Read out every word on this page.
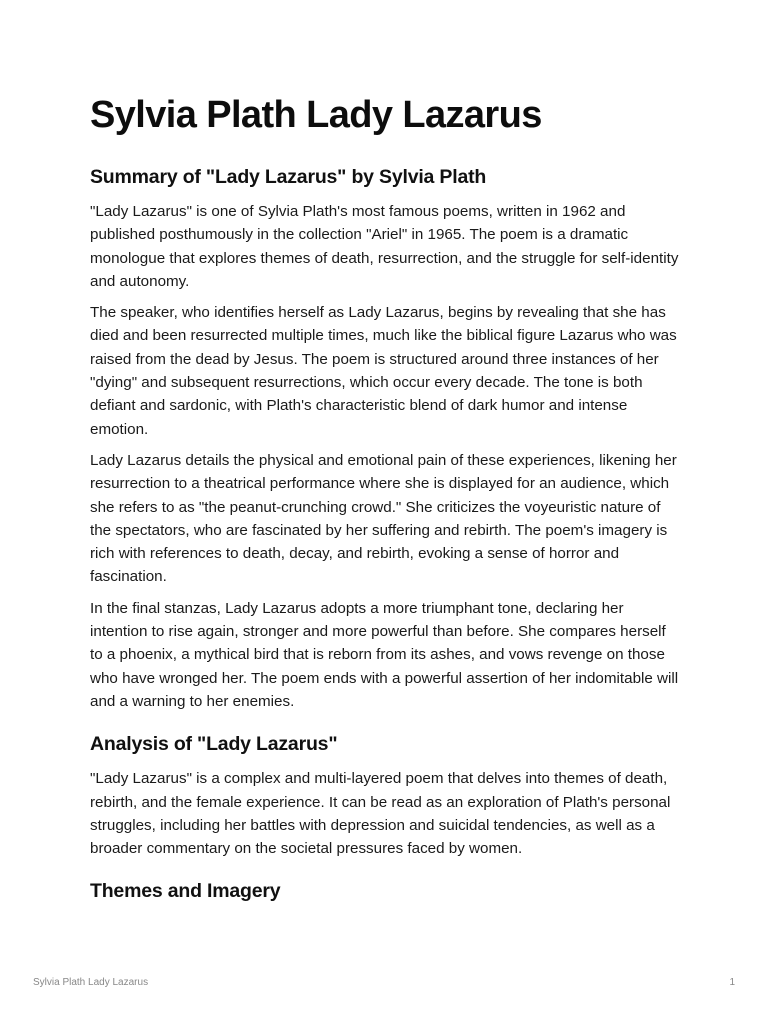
Sylvia Plath Lady Lazarus
Summary of "Lady Lazarus" by Sylvia Plath

"Lady Lazarus" is one of Sylvia Plath's most famous poems, written in 1962 and published posthumously in the collection "Ariel" in 1965. The poem is a dramatic monologue that explores themes of death, resurrection, and the struggle for self-identity and autonomy.

The speaker, who identifies herself as Lady Lazarus, begins by revealing that she has died and been resurrected multiple times, much like the biblical figure Lazarus who was raised from the dead by Jesus. The poem is structured around three instances of her "dying" and subsequent resurrections, which occur every decade. The tone is both defiant and sardonic, with Plath's characteristic blend of dark humor and intense emotion.

Lady Lazarus details the physical and emotional pain of these experiences, likening her resurrection to a theatrical performance where she is displayed for an audience, which she refers to as "the peanut-crunching crowd." She criticizes the voyeuristic nature of the spectators, who are fascinated by her suffering and rebirth. The poem's imagery is rich with references to death, decay, and rebirth, evoking a sense of horror and fascination.

In the final stanzas, Lady Lazarus adopts a more triumphant tone, declaring her intention to rise again, stronger and more powerful than before. She compares herself to a phoenix, a mythical bird that is reborn from its ashes, and vows revenge on those who have wronged her. The poem ends with a powerful assertion of her indomitable will and a warning to her enemies.

Analysis of "Lady Lazarus"

"Lady Lazarus" is a complex and multi-layered poem that delves into themes of death, rebirth, and the female experience. It can be read as an exploration of Plath's personal struggles, including her battles with depression and suicidal tendencies, as well as a broader commentary on the societal pressures faced by women.

Themes and Imagery
Sylvia Plath Lady Lazarus	1
